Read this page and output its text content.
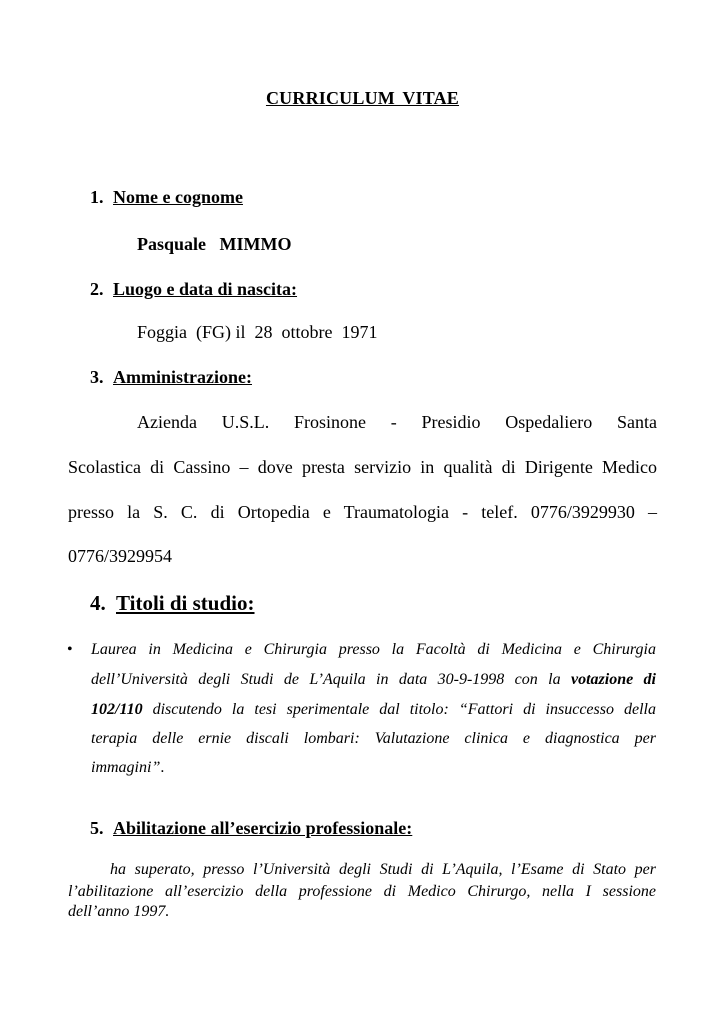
CURRICULUM VITAE
1. Nome e cognome
Pasquale   MIMMO
2. Luogo e data di nascita:
Foggia  (FG) il  28  ottobre  1971
3. Amministrazione:
Azienda U.S.L. Frosinone - Presidio Ospedaliero Santa
Scolastica di Cassino – dove presta servizio in qualità di Dirigente Medico
presso la S. C. di Ortopedia e Traumatologia - telef. 0776/3929930 –
0776/3929954
4. Titoli di studio:
• Laurea in Medicina e Chirurgia presso la Facoltà di Medicina e Chirurgia
dell’Università degli Studi de L’Aquila in data 30-9-1998 con la votazione di
102/110 discutendo la tesi sperimentale dal titolo: “Fattori di insuccesso della
terapia delle ernie discali lombari: Valutazione clinica e diagnostica per
immagini”.
5. Abilitazione all’esercizio professionale:
ha superato, presso l’Università degli Studi di L’Aquila, l’Esame di Stato per
l’abilitazione all’esercizio della professione di Medico Chirurgo, nella I sessione
dell’anno 1997.
